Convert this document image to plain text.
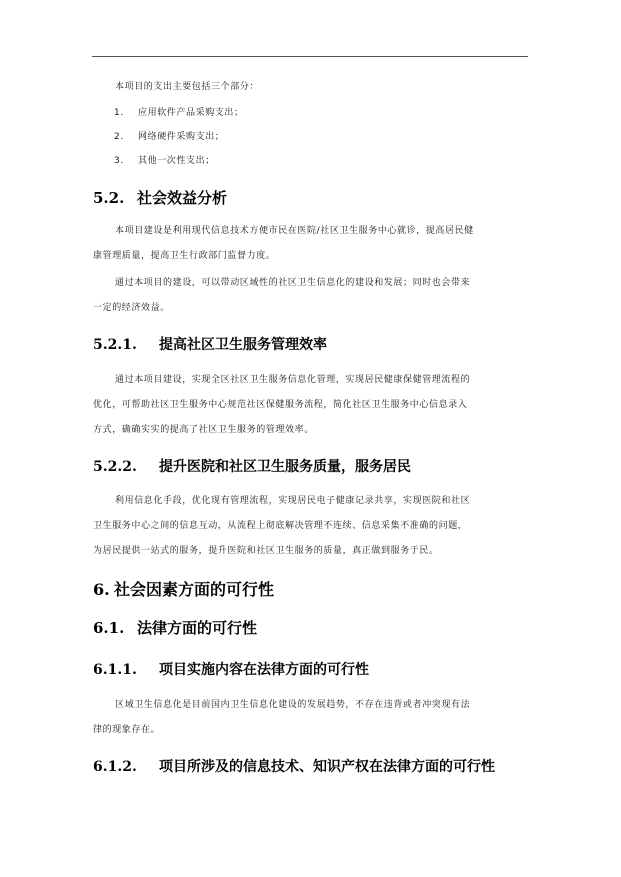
本项目的支出主要包括三个部分：
1. 应用软件产品采购支出；
2. 网络硬件采购支出；
3. 其他一次性支出；
5.2. 社会效益分析
本项目建设是利用现代信息技术方便市民在医院/社区卫生服务中心就诊，提高居民健
康管理质量，提高卫生行政部门监督力度。
通过本项目的建设，可以带动区域性的社区卫生信息化的建设和发展；同时也会带来
一定的经济效益。
5.2.1. 提高社区卫生服务管理效率
通过本项目建设，实现全区社区卫生服务信息化管理，实现居民健康保健管理流程的
优化，可帮助社区卫生服务中心规范社区保健服务流程，简化社区卫生服务中心信息录入
方式，确确实实的提高了社区卫生服务的管理效率。
5.2.2. 提升医院和社区卫生服务质量，服务居民
利用信息化手段，优化现有管理流程，实现居民电子健康记录共享，实现医院和社区
卫生服务中心之间的信息互动，从流程上彻底解决管理不连续、信息采集不准确的问题，
为居民提供一站式的服务，提升医院和社区卫生服务的质量，真正做到服务于民。
6. 社会因素方面的可行性
6.1. 法律方面的可行性
6.1.1. 项目实施内容在法律方面的可行性
区域卫生信息化是目前国内卫生信息化建设的发展趋势，不存在违背或者冲突现有法
律的现象存在。
6.1.2. 项目所涉及的信息技术、知识产权在法律方面的可行性
